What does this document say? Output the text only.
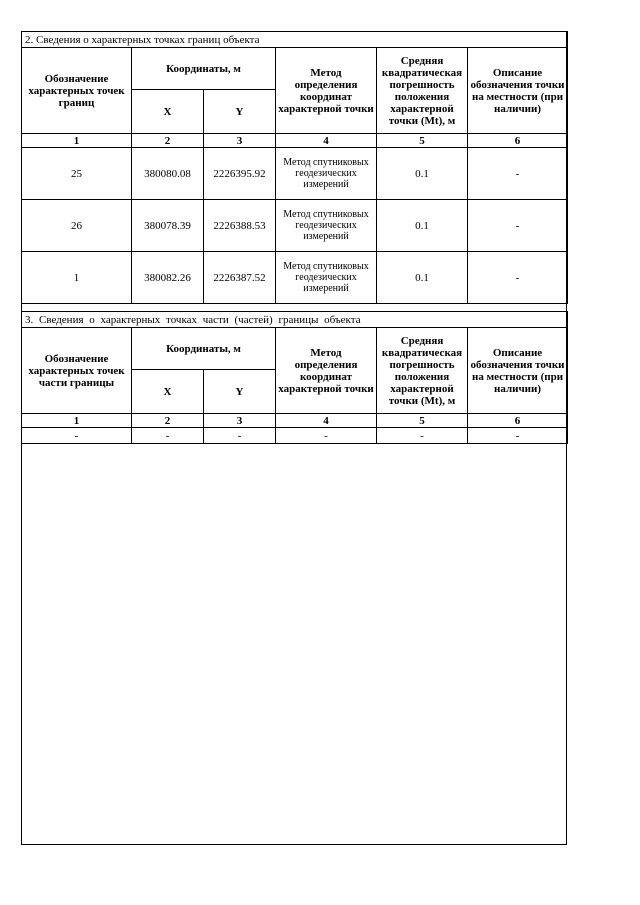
2. Сведения о характерных точках границ объекта					
Обозначение характерных точек границ	Координаты, м		Метод определения координат характерной точки	Средняя квадратическая погрешность положения характерной точки (Mt), м	Описание обозначения точки на местности (при наличии)
	X	Y			
1	2	3	4	5	6
25	380080.08	2226395.92	Метод спутниковых геодезических измерений	0.1	-
26	380078.39	2226388.53	Метод спутниковых геодезических измерений	0.1	-
1	380082.26	2226387.52	Метод спутниковых геодезических измерений	0.1	-
3. Сведения о характерных точках части (частей) границы объекта					
Обозначение характерных точек части границы	Координаты, м		Метод определения координат характерной точки	Средняя квадратическая погрешность положения характерной точки (Mt), м	Описание обозначения точки на местности (при наличии)
	X	Y			
1	2	3	4	5	6
-	-	-	-	-	-
